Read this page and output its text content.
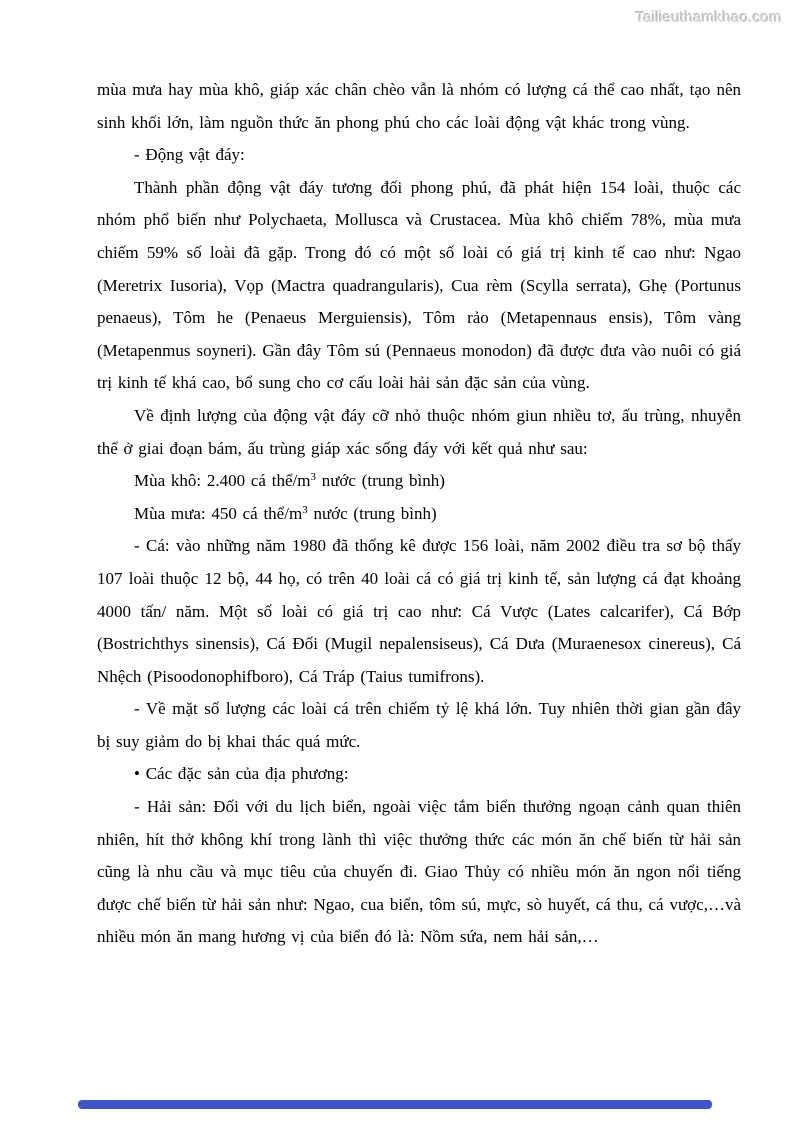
Tailieuthamkhao.com

mùa mưa hay mùa khô, giáp xác chân chèo vẫn là nhóm có lượng cá thể cao nhất, tạo nên sinh khối lớn, làm nguồn thức ăn phong phú cho các loài động vật khác trong vùng.

- Động vật đáy:

Thành phần động vật đáy tương đối phong phú, đã phát hiện 154 loài, thuộc các nhóm phổ biến như Polychaeta, Mollusca và Crustacea. Mùa khô chiếm 78%, mùa mưa chiếm 59% số loài đã gặp. Trong đó có một số loài có giá trị kinh tế cao như: Ngao (Meretrix Iusoria), Vọp (Mactra quadrangularis), Cua rèm (Scylla serrata), Ghẹ (Portunus penaeus), Tôm he (Penaeus Merguiensis), Tôm rảo (Metapennaus ensis), Tôm vàng (Metapenmus soyneri). Gần đây Tôm sú (Pennaeus monodon) đã được đưa vào nuôi có giá trị kinh tế khá cao, bổ sung cho cơ cấu loài hải sản đặc sản của vùng.

Về định lượng của động vật đáy cỡ nhỏ thuộc nhóm giun nhiều tơ, ấu trùng, nhuyễn thể ở giai đoạn bám, ấu trùng giáp xác sống đáy với kết quả như sau:

Mùa khô: 2.400 cá thể/$m^3$ nước (trung bình)

Mùa mưa: 450 cá thể/$m^3$ nước (trung bình)

- Cá: vào những năm 1980 đã thống kê được 156 loài, năm 2002 điều tra sơ bộ thấy 107 loài thuộc 12 bộ, 44 họ, có trên 40 loài cá có giá trị kinh tế, sản lượng cá đạt khoảng 4000 tấn/ năm. Một số loài có giá trị cao như: Cá Vược (Lates calcarifer), Cá Bớp (Bostrichthys sinensis), Cá Đối (Mugil nepalensiseus), Cá Dưa (Muraenesox cinereus), Cá Nhệch (Pisoodonophifboro), Cá Tráp (Taius tumifrons).

- Về mặt số lượng các loài cá trên chiếm tỷ lệ khá lớn. Tuy nhiên thời gian gần đây bị suy giảm do bị khai thác quá mức.

• Các đặc sản của địa phương:

- Hải sản: Đối với du lịch biển, ngoài việc tắm biển thưởng ngoạn cảnh quan thiên nhiên, hít thở không khí trong lành thì việc thưởng thức các món ăn chế biến từ hải sản cũng là nhu cầu và mục tiêu của chuyến đi. Giao Thủy có nhiều món ăn ngon nổi tiếng được chế biến từ hải sản như: Ngao, cua biển, tôm sú, mực, sò huyết, cá thu, cá vược,…và nhiều món ăn mang hương vị của biển đó là: Nồm sứa, nem hải sản,…
